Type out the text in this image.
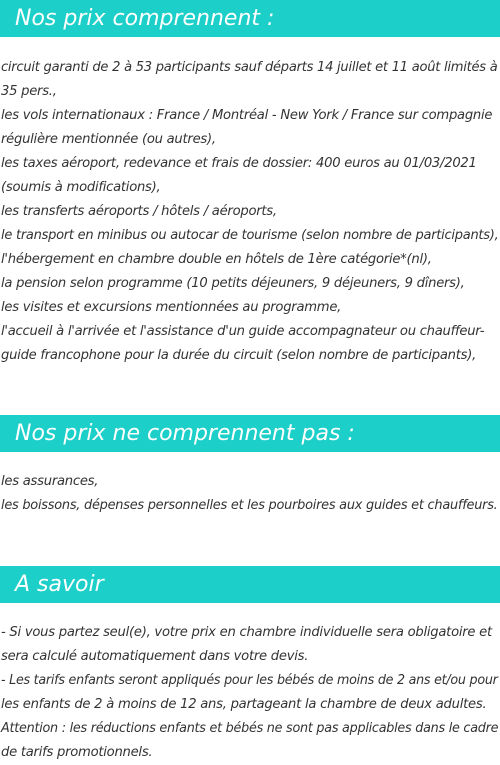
Nos prix comprennent :
circuit garanti de 2 à 53 participants sauf départs 14 juillet et 11 août limités à
35 pers.,
les vols internationaux : France / Montréal - New York / France sur compagnie
régulière mentionnée (ou autres),
les taxes aéroport, redevance et frais de dossier: 400 euros au 01/03/2021
(soumis à modifications),
les transferts aéroports / hôtels / aéroports,
le transport en minibus ou autocar de tourisme (selon nombre de participants),
l'hébergement en chambre double en hôtels de 1ère catégorie*(nl),
la pension selon programme (10 petits déjeuners, 9 déjeuners, 9 dîners),
les visites et excursions mentionnées au programme,
l'accueil à l'arrivée et l'assistance d'un guide accompagnateur ou chauffeur-
guide francophone pour la durée du circuit (selon nombre de participants),
Nos prix ne comprennent pas :
les assurances,
les boissons, dépenses personnelles et les pourboires aux guides et chauffeurs.
A savoir
- Si vous partez seul(e), votre prix en chambre individuelle sera obligatoire et
sera calculé automatiquement dans votre devis.
- Les tarifs enfants seront appliqués pour les bébés de moins de 2 ans et/ou pour
les enfants de 2 à moins de 12 ans, partageant la chambre de deux adultes.
Attention : les réductions enfants et bébés ne sont pas applicables dans le cadre
de tarifs promotionnels.
